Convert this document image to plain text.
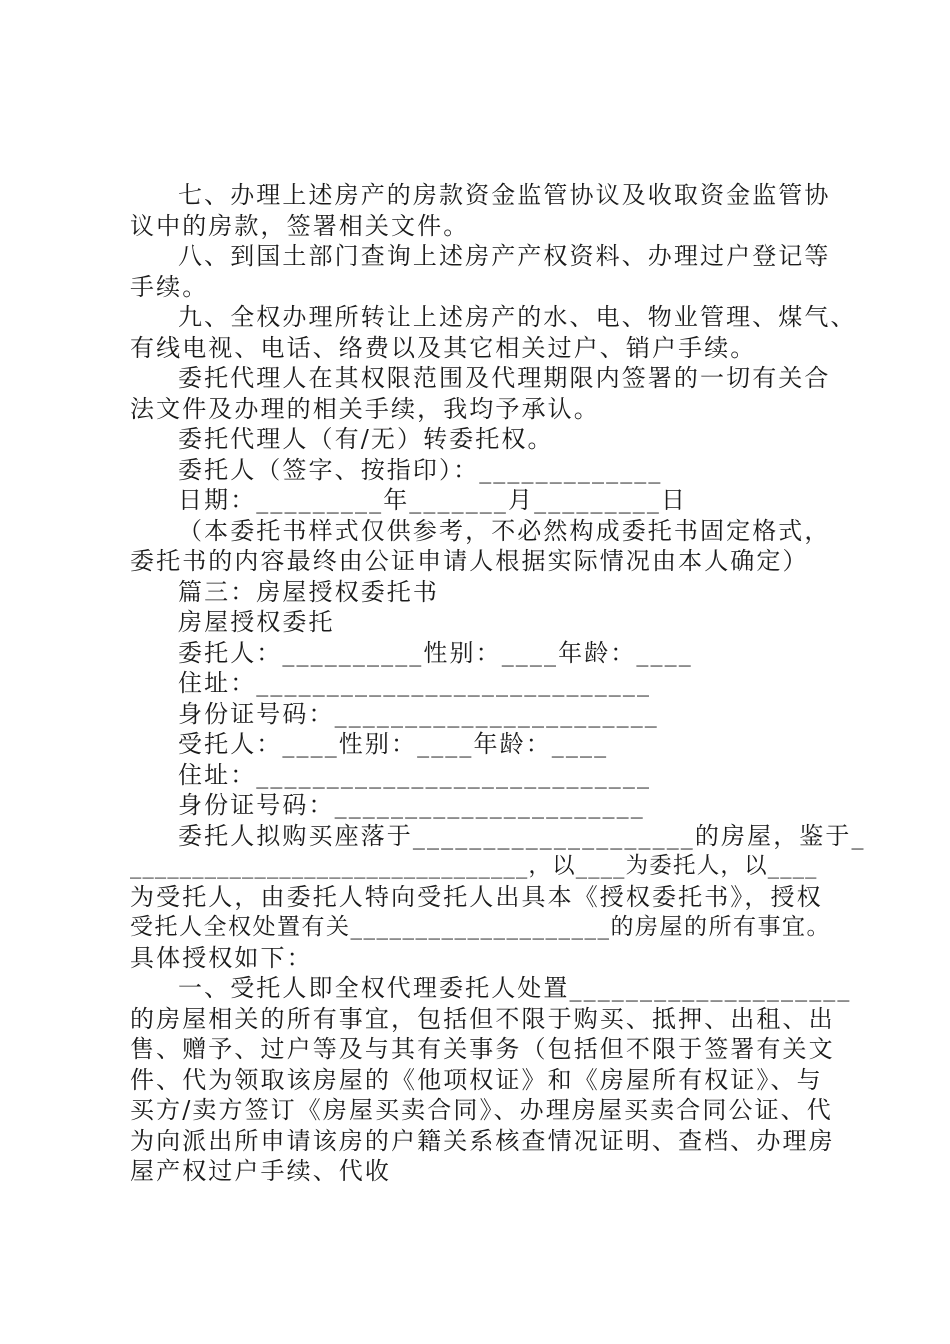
七、办理上述房产的房款资金监管协议及收取资金监管协
议中的房款，签署相关文件。
八、到国土部门查询上述房产产权资料、办理过户登记等
手续。
九、全权办理所转让上述房产的水、电、物业管理、煤气、
有线电视、电话、络费以及其它相关过户、销户手续。
委托代理人在其权限范围及代理期限内签署的一切有关合
法文件及办理的相关手续，我均予承认。
委托代理人（有/无）转委托权。
委托人（签字、按指印）：_____________
日期：_________年_______月_________日
（本委托书样式仅供参考，不必然构成委托书固定格式，
委托书的内容最终由公证申请人根据实际情况由本人确定）
篇三：房屋授权委托书
房屋授权委托
委托人：__________性别：____年龄：____
住址：____________________________
身份证号码：_______________________
受托人：____性别：____年龄：____
住址：____________________________
身份证号码：______________________
委托人拟购买座落于____________________的房屋，鉴于_
________________________________，以____为委托人，以____
为受托人，由委托人特向受托人出具本《授权委托书》，授权
受托人全权处置有关____________________的房屋的所有事宜。
具体授权如下：
一、受托人即全权代理委托人处置____________________
的房屋相关的所有事宜，包括但不限于购买、抵押、出租、出
售、赠予、过户等及与其有关事务（包括但不限于签署有关文
件、代为领取该房屋的《他项权证》和《房屋所有权证》、与
买方/卖方签订《房屋买卖合同》、办理房屋买卖合同公证、代
为向派出所申请该房的户籍关系核查情况证明、查档、办理房
屋产权过户手续、代收
